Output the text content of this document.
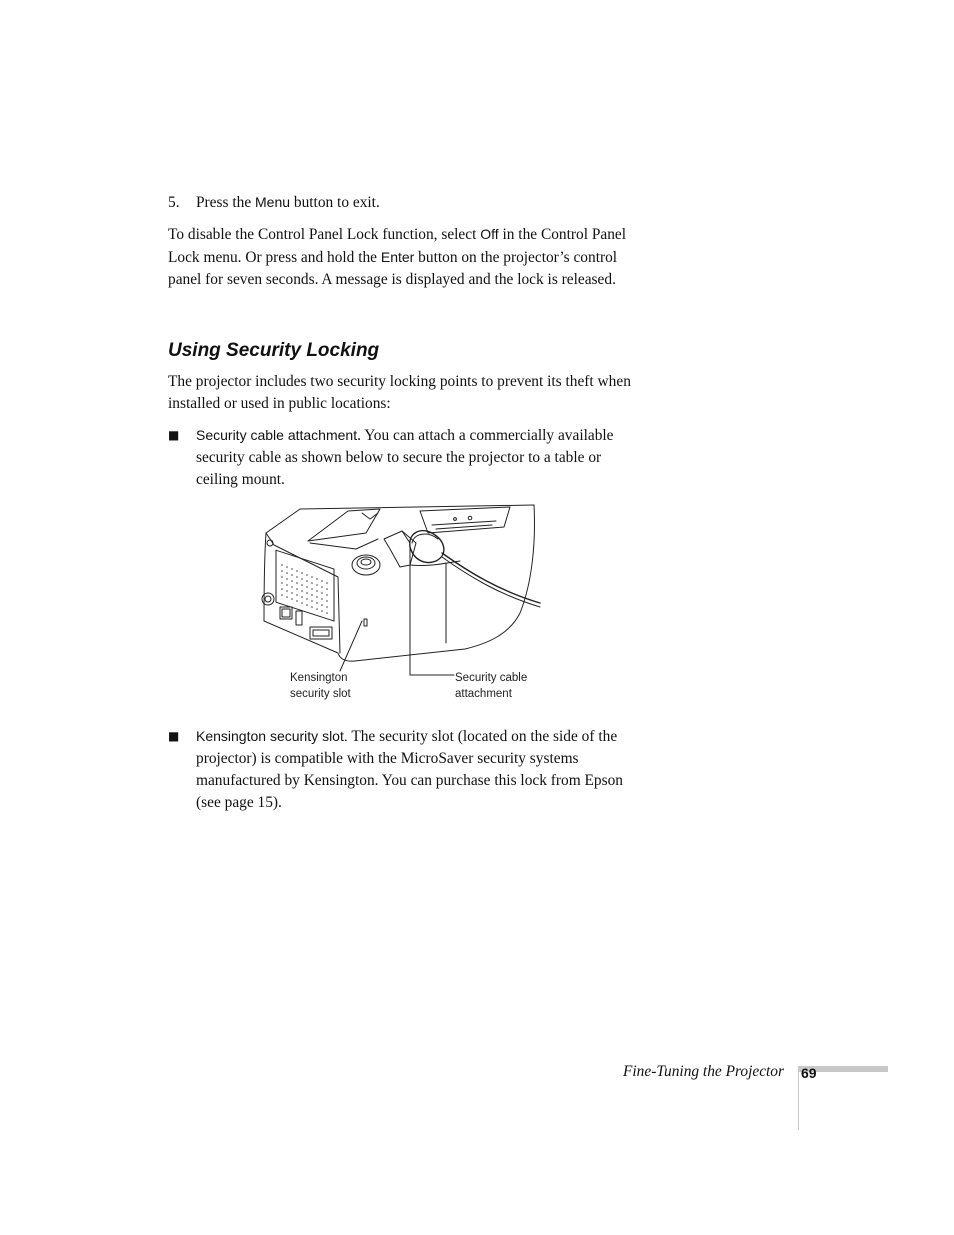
5. Press the Menu button to exit.
To disable the Control Panel Lock function, select Off in the Control Panel Lock menu. Or press and hold the Enter button on the projector’s control panel for seven seconds. A message is displayed and the lock is released.
Using Security Locking
The projector includes two security locking points to prevent its theft when installed or used in public locations:
■ Security cable attachment. You can attach a commercially available security cable as shown below to secure the projector to a table or ceiling mount.
Kensington
security slot
Security cable
attachment
■ Kensington security slot. The security slot (located on the side of the projector) is compatible with the MicroSaver security systems manufactured by Kensington. You can purchase this lock from Epson (see page 15).
Fine-Tuning the Projector 69
